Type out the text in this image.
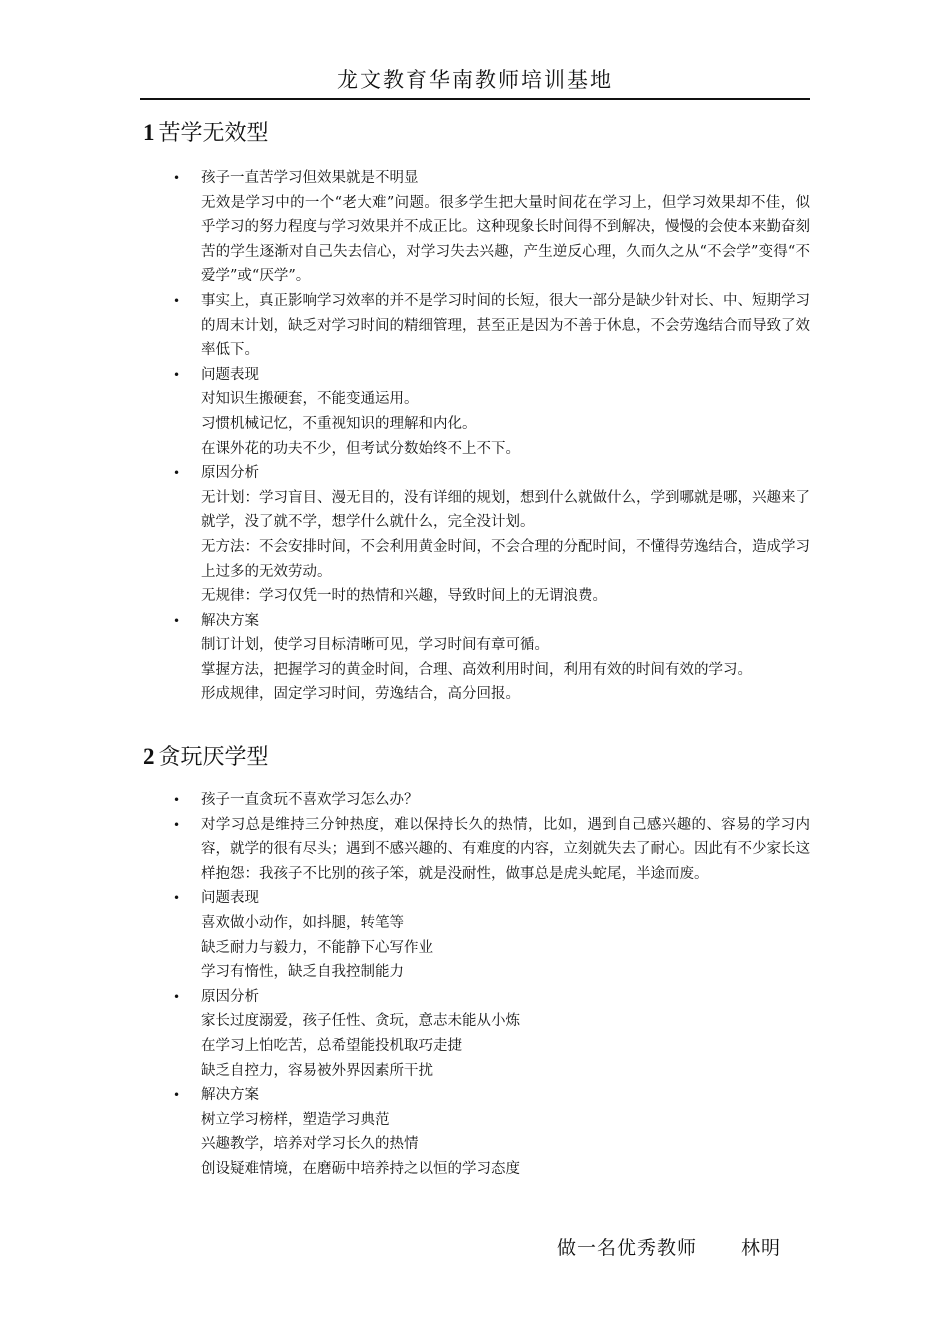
龙文教育华南教师培训基地
1 苦学无效型
• 孩子一直苦学习但效果就是不明显
无效是学习中的一个“老大难”问题。很多学生把大量时间花在学习上，但学习效果却不佳，似乎学习的努力程度与学习效果并不成正比。这种现象长时间得不到解决，慢慢的会使本来勤奋刻苦的学生逐渐对自己失去信心，对学习失去兴趣，产生逆反心理，久而久之从“不会学”变得“不爱学”或“厌学”。
• 事实上，真正影响学习效率的并不是学习时间的长短，很大一部分是缺少针对长、中、短期学习的周末计划，缺乏对学习时间的精细管理，甚至正是因为不善于休息，不会劳逸结合而导致了效率低下。
• 问题表现
对知识生搬硬套，不能变通运用。
习惯机械记忆，不重视知识的理解和内化。
在课外花的功夫不少，但考试分数始终不上不下。
• 原因分析
无计划：学习盲目、漫无目的，没有详细的规划，想到什么就做什么，学到哪就是哪，兴趣来了就学，没了就不学，想学什么就什么，完全没计划。
无方法：不会安排时间，不会利用黄金时间，不会合理的分配时间，不懂得劳逸结合，造成学习上过多的无效劳动。
无规律：学习仅凭一时的热情和兴趣，导致时间上的无谓浪费。
• 解决方案
制订计划，使学习目标清晰可见，学习时间有章可循。
掌握方法，把握学习的黄金时间，合理、高效利用时间，利用有效的时间有效的学习。
形成规律，固定学习时间，劳逸结合，高分回报。
2 贪玩厌学型
• 孩子一直贪玩不喜欢学习怎么办？
• 对学习总是维持三分钟热度，难以保持长久的热情，比如，遇到自己感兴趣的、容易的学习内容，就学的很有尽头；遇到不感兴趣的、有难度的内容，立刻就失去了耐心。因此有不少家长这样抱怨：我孩子不比别的孩子笨，就是没耐性，做事总是虎头蛇尾，半途而废。
• 问题表现
喜欢做小动作，如抖腿，转笔等
缺乏耐力与毅力，不能静下心写作业
学习有惰性，缺乏自我控制能力
• 原因分析
家长过度溺爱，孩子任性、贪玩，意志未能从小炼
在学习上怕吃苦，总希望能投机取巧走捷
缺乏自控力，容易被外界因素所干扰
• 解决方案
树立学习榜样，塑造学习典范
兴趣教学，培养对学习长久的热情
创设疑难情境，在磨砺中培养持之以恒的学习态度
做一名优秀教师 林明
